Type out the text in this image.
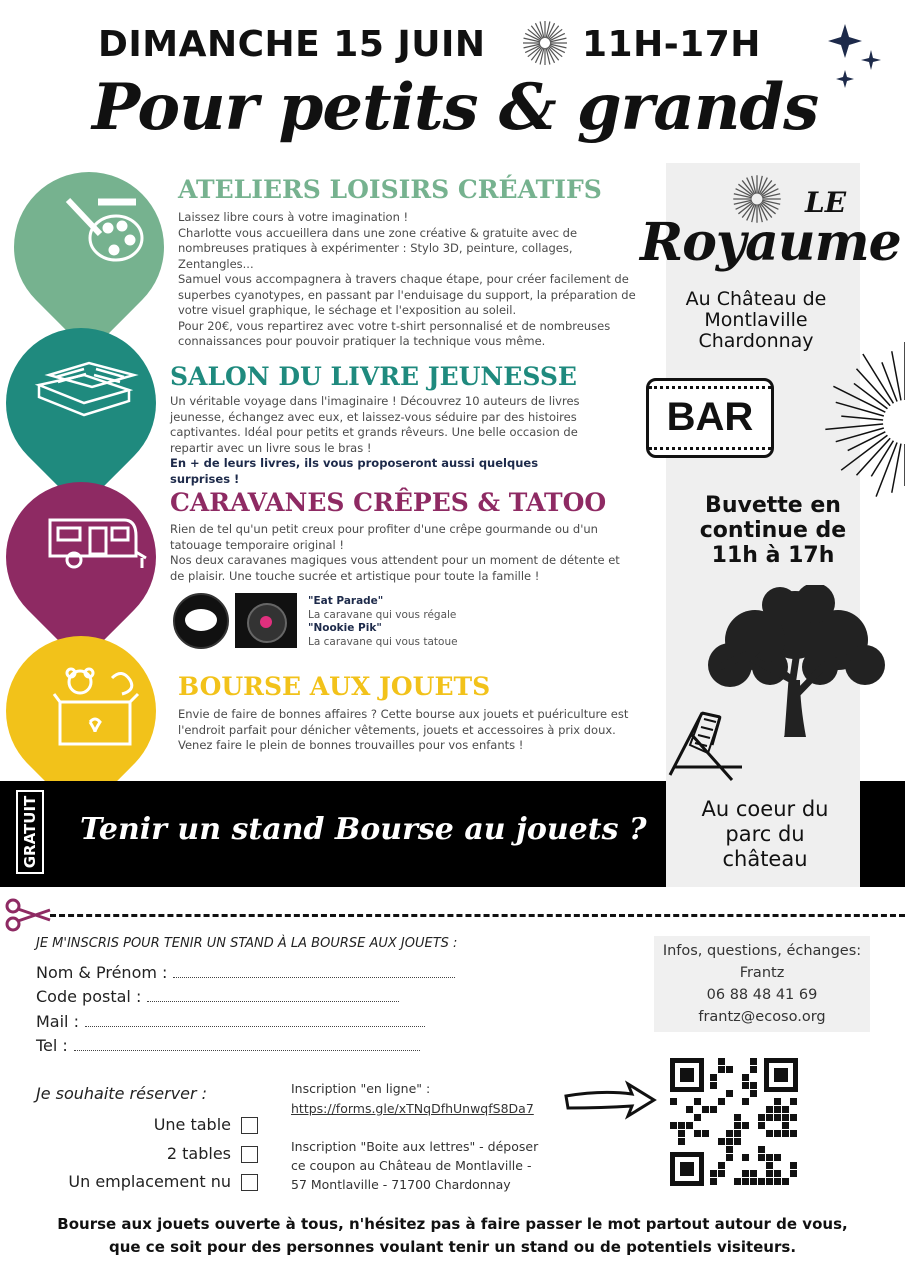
DIMANCHE 15 JUIN	11H-17H
Pour petits & grands
LE
Royaume
Au Château de Montlaville Chardonnay
BAR
Buvette en continue de 11h à 17h
ATELIERS LOISIRS CRÉATIFS
Laissez libre cours à votre imagination !
Charlotte vous accueillera dans une zone créative & gratuite avec de nombreuses pratiques à expérimenter : Stylo 3D, peinture, collages, Zentangles...
Samuel vous accompagnera à travers chaque étape, pour créer facilement de superbes cyanotypes, en passant par l'enduisage du support, la préparation de votre visuel graphique, le séchage et l'exposition au soleil.
Pour 20€, vous repartirez avec votre t-shirt personnalisé et de nombreuses connaissances pour pouvoir pratiquer la technique vous même.
SALON DU LIVRE JEUNESSE
Un véritable voyage dans l'imaginaire ! Découvrez 10 auteurs de livres jeunesse, échangez avec eux, et laissez-vous séduire par des histoires captivantes. Idéal pour petits et grands rêveurs. Une belle occasion de repartir avec un livre sous le bras !
En + de leurs livres, ils vous proposeront aussi quelques surprises !
CARAVANES CRÊPES & TATOO
Rien de tel qu'un petit creux pour profiter d'une crêpe gourmande ou d'un tatouage temporaire original !
Nos deux caravanes magiques vous attendent pour un moment de détente et de plaisir. Une touche sucrée et artistique pour toute la famille !
"Eat Parade"
La caravane qui vous régale
"Nookie Pik"
La caravane qui vous tatoue
BOURSE AUX JOUETS
Envie de faire de bonnes affaires ? Cette bourse aux jouets et puériculture est l'endroit parfait pour dénicher vêtements, jouets et accessoires à prix doux. Venez faire le plein de bonnes trouvailles pour vos enfants !
GRATUIT Tenir un stand Bourse au jouets ?
Au coeur du parc du château
JE M'INSCRIS POUR TENIR UN STAND À LA BOURSE AUX JOUETS :
Nom & Prénom :
Code postal :
Mail :
Tel :
Infos, questions, échanges:
Frantz
06 88 48 41 69
frantz@ecoso.org
Je souhaite réserver :
Une table
2 tables
Un emplacement nu
Inscription "en ligne" :
https://forms.gle/xTNqDfhUnwqfS8Da7
Inscription "Boite aux lettres" - déposer ce coupon au Château de Montlaville - 57 Montlaville - 71700 Chardonnay
Bourse aux jouets ouverte à tous, n'hésitez pas à faire passer le mot partout autour de vous, que ce soit pour des personnes voulant tenir un stand ou de potentiels visiteurs.
